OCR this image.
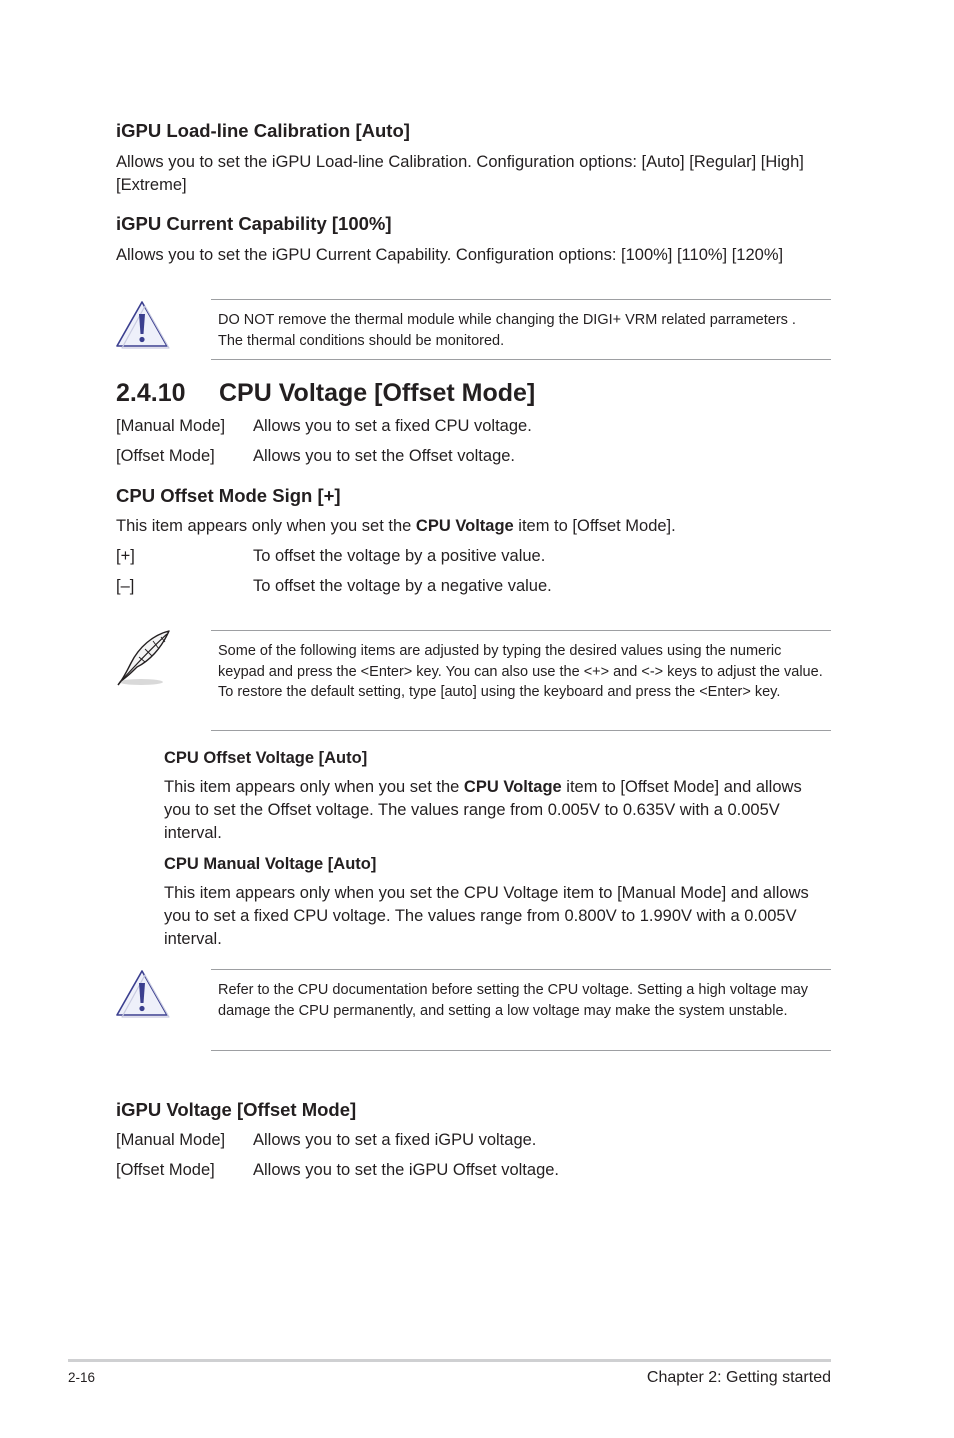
iGPU Load-line Calibration [Auto]
Allows you to set the iGPU Load-line Calibration. Configuration options: [Auto] [Regular] [High] [Extreme]
iGPU Current Capability [100%]
Allows you to set the iGPU Current Capability. Configuration options: [100%] [110%] [120%]
DO NOT remove the thermal module while changing the DIGI+ VRM related parrameters . The thermal conditions should be monitored.
2.4.10 CPU Voltage [Offset Mode]
[Manual Mode] Allows you to set a fixed CPU voltage.
[Offset Mode] Allows you to set the Offset voltage.
CPU Offset Mode Sign [+]
This item appears only when you set the CPU Voltage item to [Offset Mode].
[+]	To offset the voltage by a positive value.
[–]	To offset the voltage by a negative value.
Some of the following items are adjusted by typing the desired values using the numeric keypad and press the <Enter> key. You can also use the <+> and <-> keys to adjust the value. To restore the default setting, type [auto] using the keyboard and press the <Enter> key.
CPU Offset Voltage [Auto]
This item appears only when you set the CPU Voltage item to [Offset Mode] and allows you to set the Offset voltage. The values range from 0.005V to 0.635V with a 0.005V interval.
CPU Manual Voltage [Auto]
This item appears only when you set the CPU Voltage item to [Manual Mode] and allows you to set a fixed CPU voltage. The values range from 0.800V to 1.990V with a 0.005V interval.
Refer to the CPU documentation before setting the CPU voltage. Setting a high voltage may damage the CPU permanently, and setting a low voltage may make the system unstable.
iGPU Voltage [Offset Mode]
[Manual Mode] Allows you to set a fixed iGPU voltage.
[Offset Mode] Allows you to set the iGPU Offset voltage.
2-16	Chapter 2: Getting started
